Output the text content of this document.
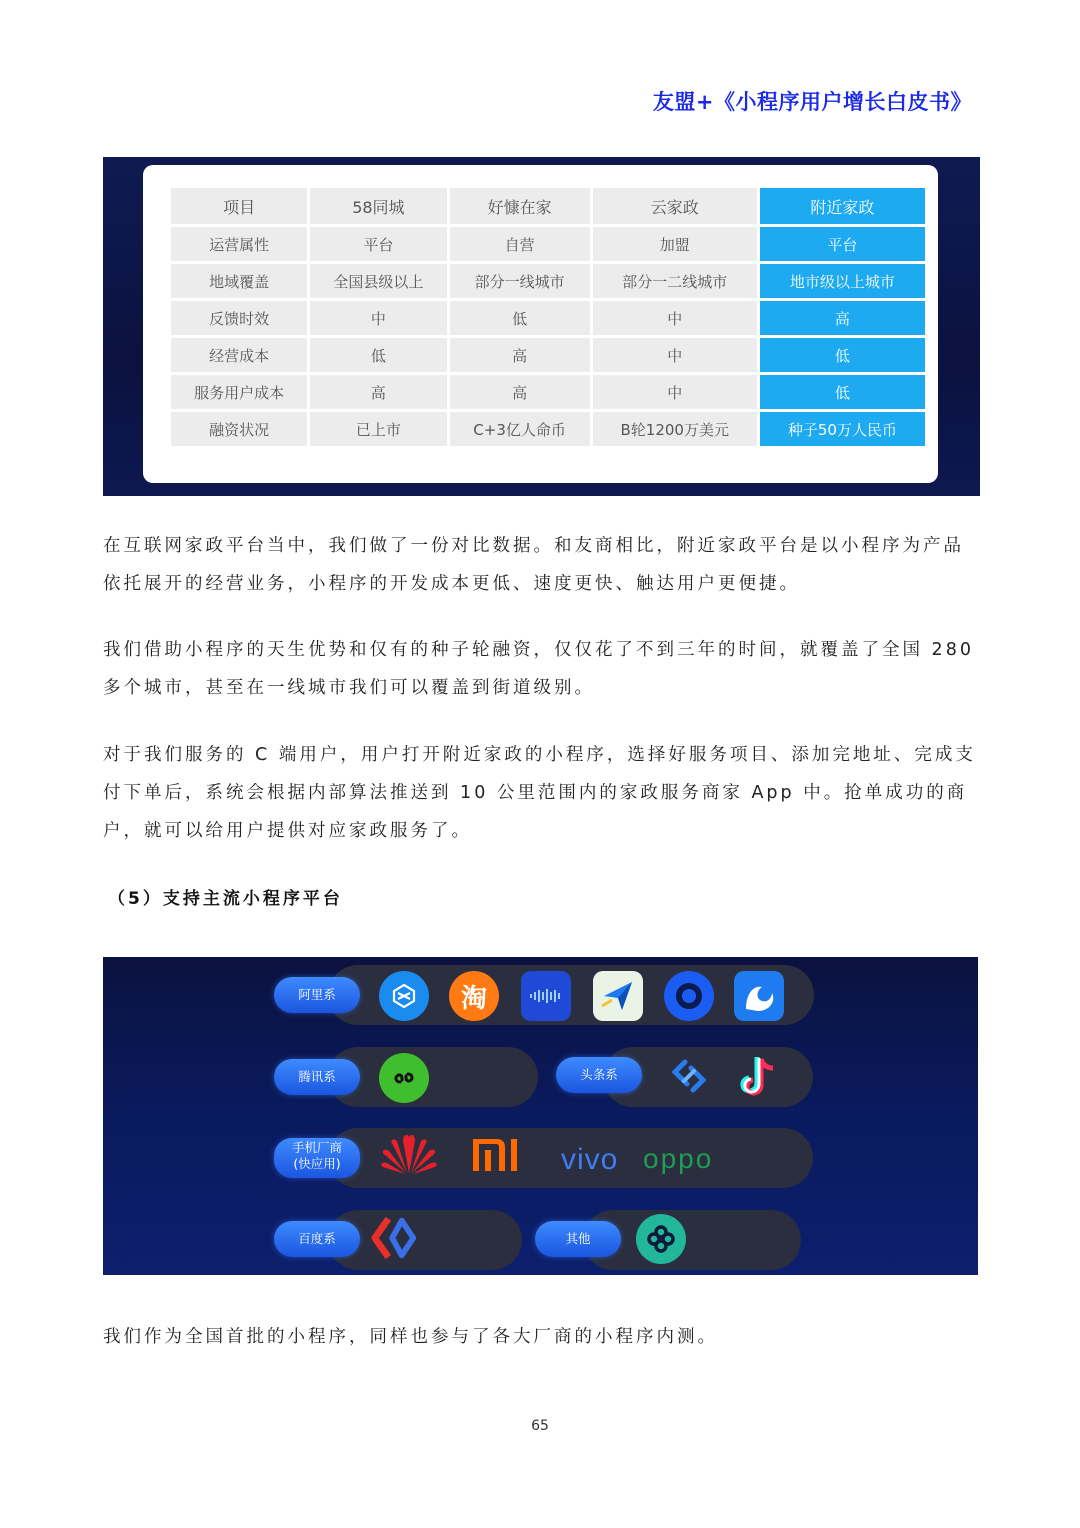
友盟+《小程序用户增长白皮书》
项目	58同城	好慷在家	云家政	附近家政
运营属性	平台	自营	加盟	平台
地域覆盖	全国县级以上	部分一线城市	部分一二线城市	地市级以上城市
反馈时效	中	低	中	高
经营成本	低	高	中	低
服务用户成本	高	高	中	低
融资状况	已上市	C+3亿人命币	B轮1200万美元	种子50万人民币

在互联网家政平台当中，我们做了一份对比数据。和友商相比，附近家政平台是以小程序为产品依托展开的经营业务，小程序的开发成本更低、速度更快、触达用户更便捷。

我们借助小程序的天生优势和仅有的种子轮融资，仅仅花了不到三年的时间，就覆盖了全国 280 多个城市，甚至在一线城市我们可以覆盖到街道级别。

对于我们服务的 C 端用户，用户打开附近家政的小程序，选择好服务项目、添加完地址、完成支付下单后，系统会根据内部算法推送到 10 公里范围内的家政服务商家 App 中。抢单成功的商户，就可以给用户提供对应家政服务了。

（5）支持主流小程序平台
阿里系	淘
腾讯系	头条系
手机厂商
(快应用)	vivo oppo
百度系	其他

我们作为全国首批的小程序，同样也参与了各大厂商的小程序内测。

65
